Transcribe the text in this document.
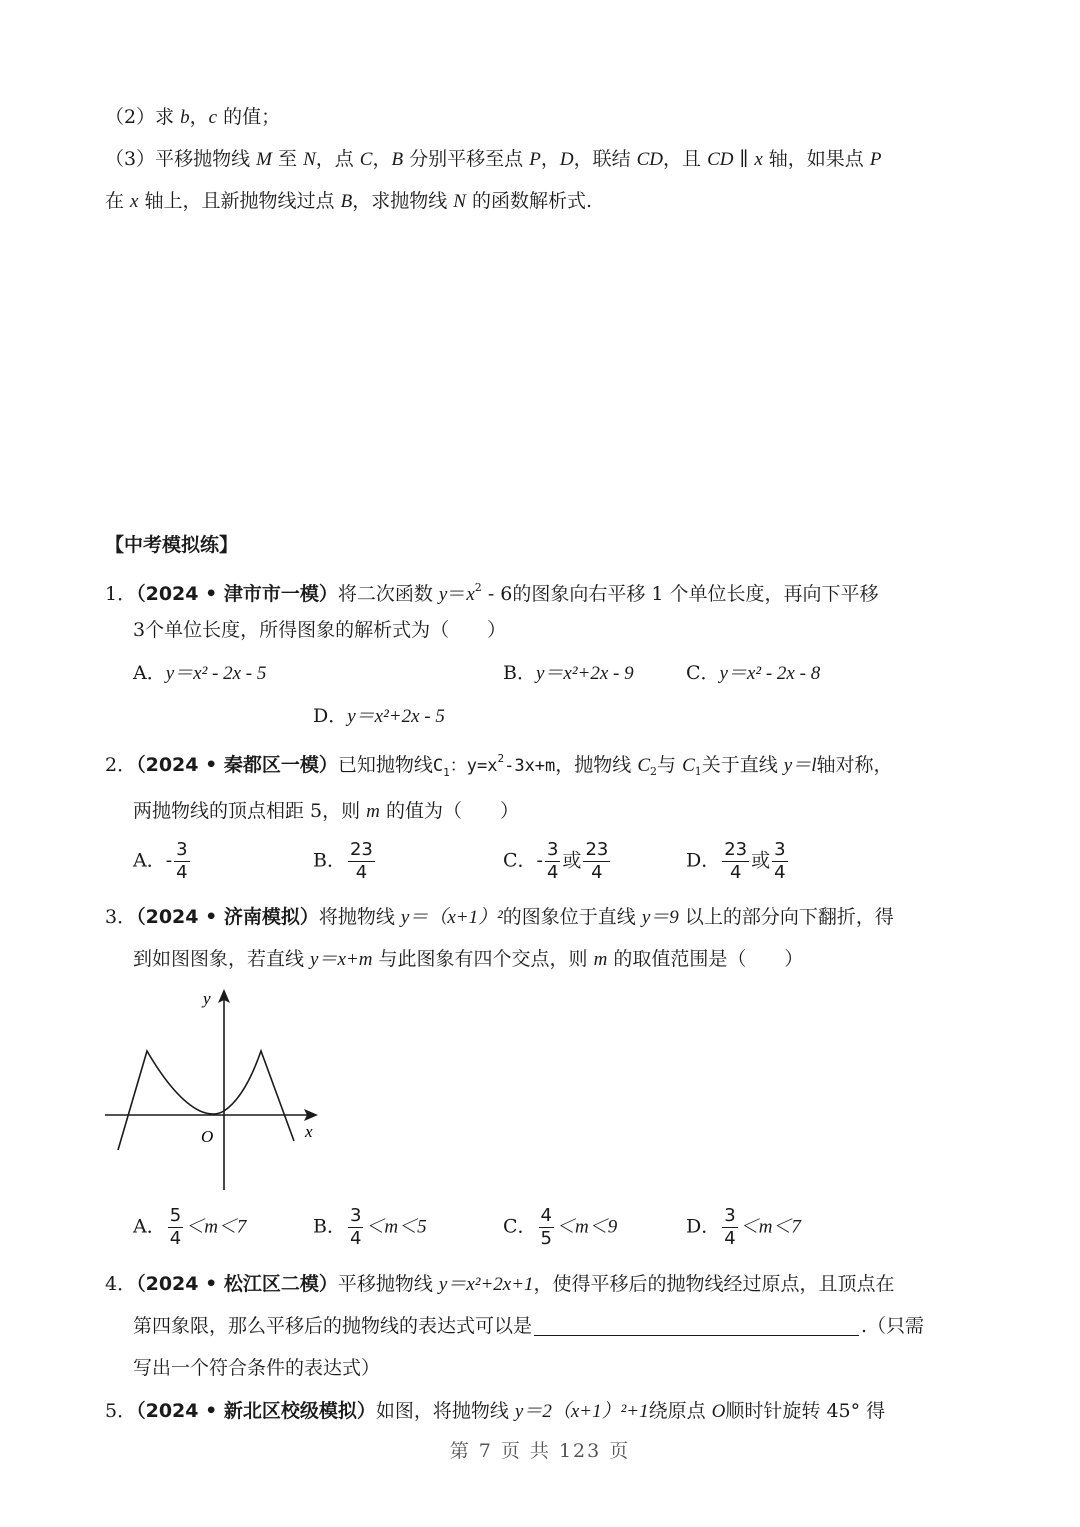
（2）求 b，c 的值；
（3）平移抛物线 M 至 N，点 C，B 分别平移至点 P，D，联结 CD，且 CD ∥ x 轴，如果点 P
在 x 轴上，且新抛物线过点 B，求抛物线 N 的函数解析式.
【中考模拟练】
1．（2024 • 津市市一模）将二次函数 $y=x^2 - 6$的图象向右平移 1 个单位长度，再向下平移
3个单位长度，所得图象的解析式为（　　）
A．y＝x² - 2x - 5	B．y＝x²+2x - 9	C．y＝x² - 2x - 8
D．y＝x²+2x - 5
2．（2024 • 秦都区一模）已知抛物线$C_1$：$y=x^2-3x+m$，抛物线 $C_2$与 $C_1$关于直线 y＝l轴对称，
两抛物线的顶点相距 5，则 m 的值为（　　）
A．- $\frac{3}{4}$	B． $\frac{23}{4}$	C．- $\frac{3}{4}$ 或 $\frac{23}{4}$	D． $\frac{23}{4}$ 或 $\frac{3}{4}$
3．（2024 • 济南模拟）将抛物线 y＝（x+1）²的图象位于直线 y＝9 以上的部分向下翻折，得
到如图图象，若直线 y＝x+m 与此图象有四个交点，则 m 的取值范围是（　　）
y
x
O
A． $\frac{5}{4} <m<7$	B． $\frac{3}{4} <m<5$	C． $\frac{4}{5} <m<9$	D． $\frac{3}{4} <m<7$
4．（2024 • 松江区二模）平移抛物线 y＝x²+2x+1，使得平移后的抛物线经过原点，且顶点在
第四象限，那么平移后的抛物线的表达式可以是	.（只需
写出一个符合条件的表达式）
5．（2024 • 新北区校级模拟）如图，将抛物线 y＝2（x+1）²+1绕原点 O顺时针旋转 45° 得
第 7 页 共 123 页
